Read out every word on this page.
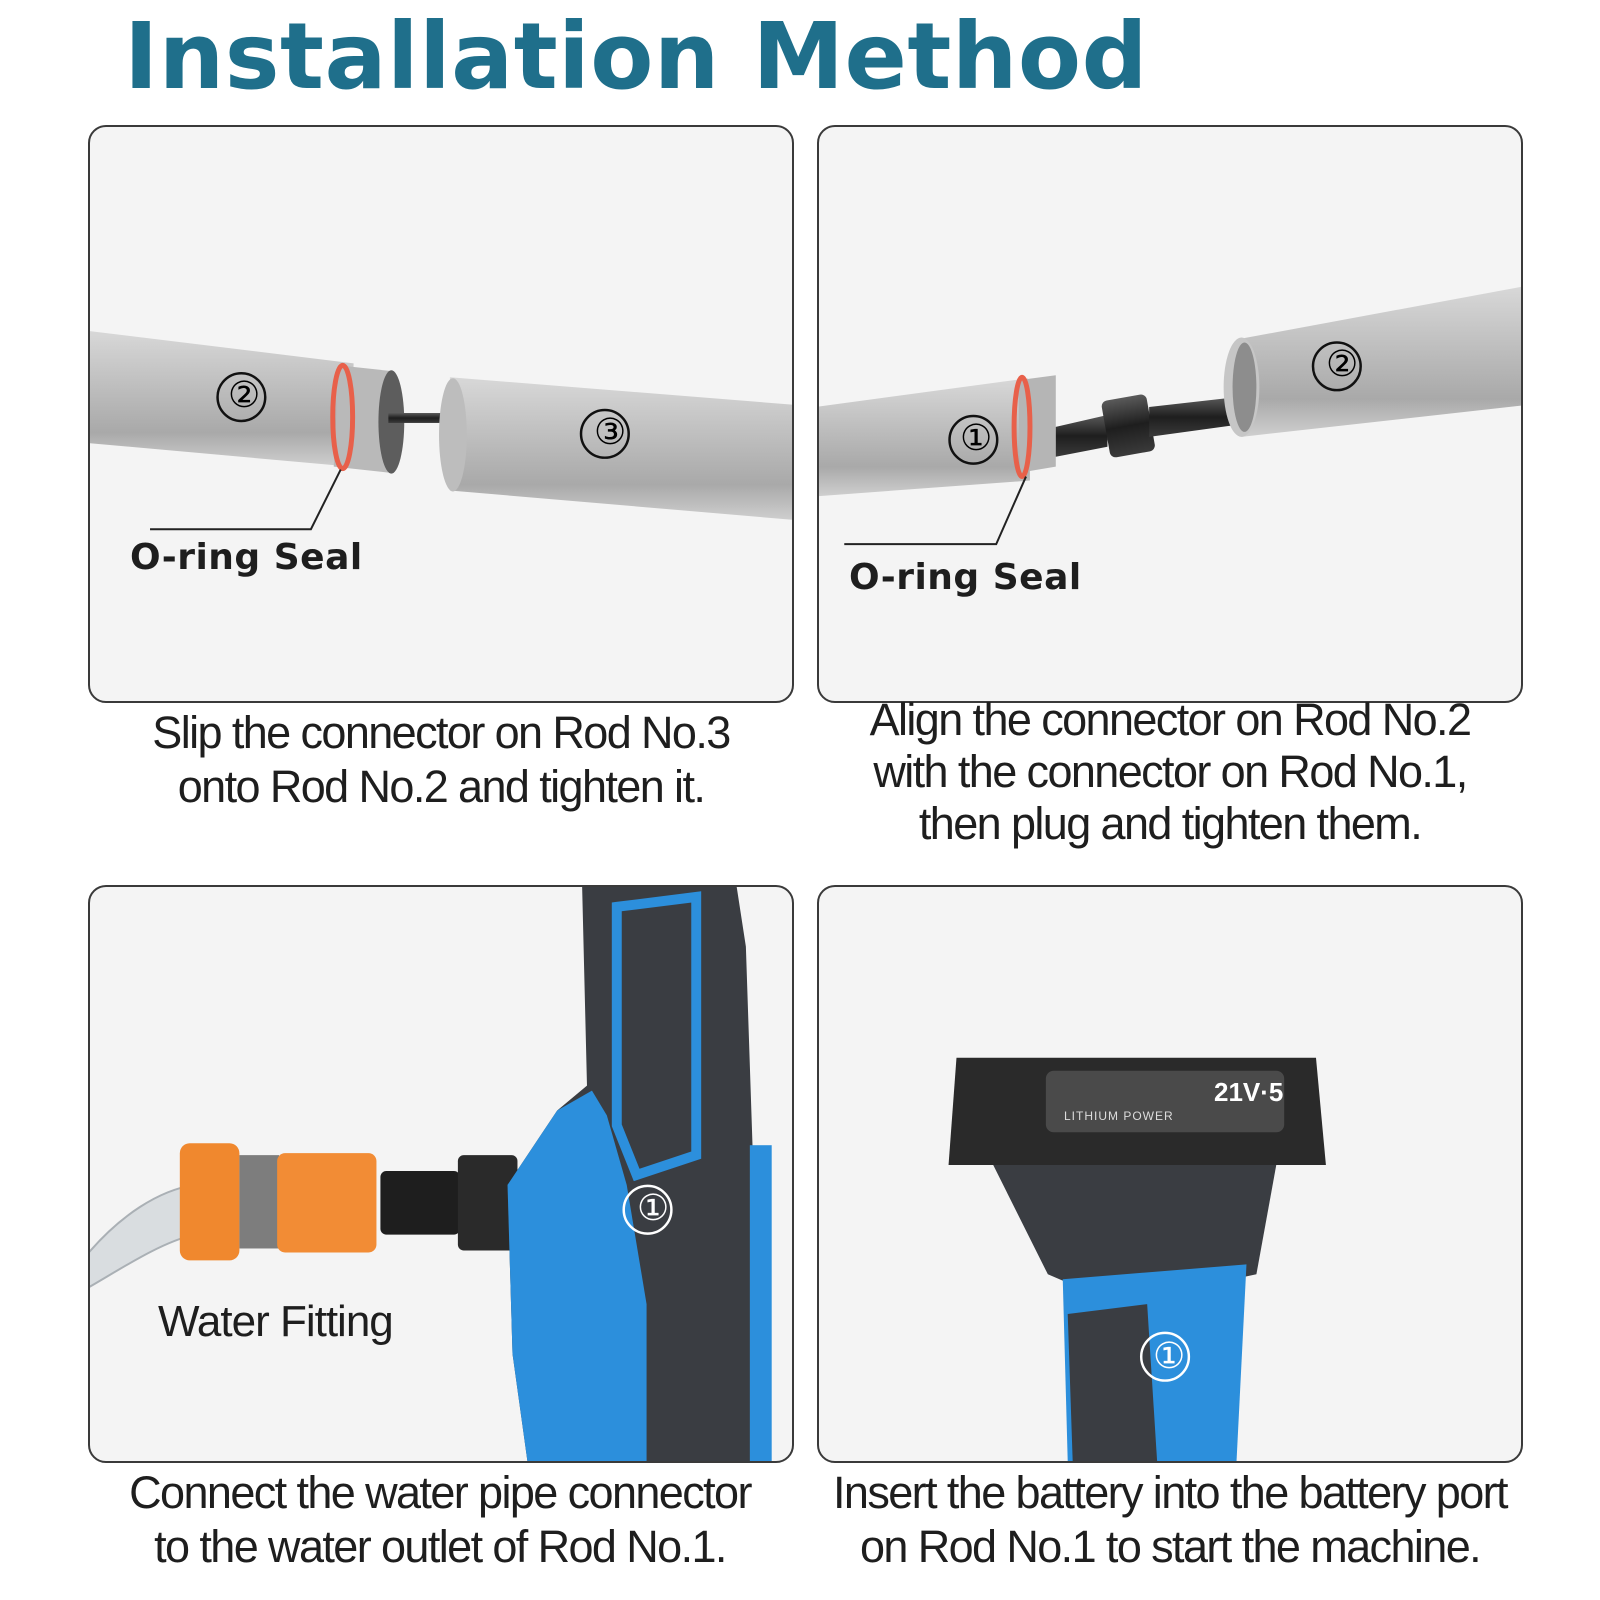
Installation Method
②
③
O-ring Seal
①
②
O-ring Seal
①
Water Fitting
21V·5
LITHIUM POWER
①
Slip the connector on Rod No.3
onto Rod No.2 and tighten it.
Align the connector on Rod No.2
with the connector on Rod No.1,
then plug and tighten them.
Connect the water pipe connector
to the water outlet of Rod No.1.
Insert the battery into the battery port
on Rod No.1 to start the machine.
